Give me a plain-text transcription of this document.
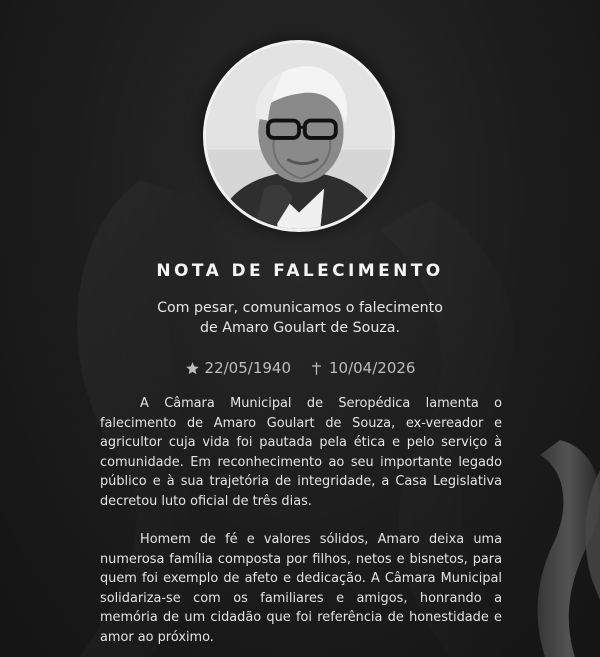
NOTA DE FALECIMENTO
Com pesar, comunicamos o falecimento
de Amaro Goulart de Souza.
22/05/1940	10/04/2026

A Câmara Municipal de Seropédica lamenta o falecimento de Amaro Goulart de Souza, ex-vereador e agricultor cuja vida foi pautada pela ética e pelo serviço à comunidade. Em reconhecimento ao seu importante legado público e à sua trajetória de integridade, a Casa Legislativa decretou luto oficial de três dias.

Homem de fé e valores sólidos, Amaro deixa uma numerosa família composta por filhos, netos e bisnetos, para quem foi exemplo de afeto e dedicação. A Câmara Municipal solidariza-se com os familiares e amigos, honrando a memória de um cidadão que foi referência de honestidade e amor ao próximo.
